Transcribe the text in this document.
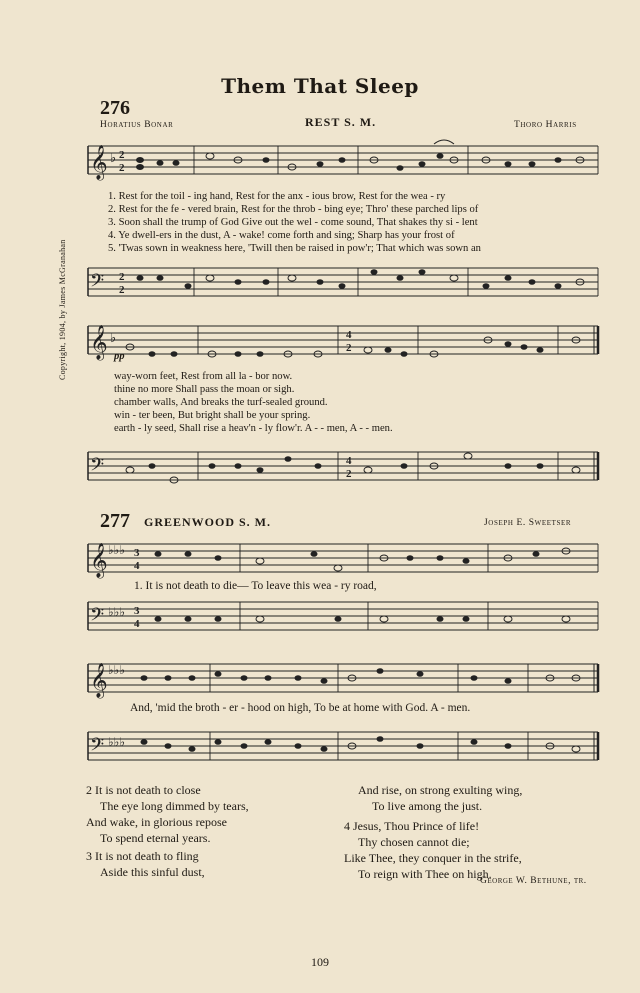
Them That Sleep
276
Horatius Bonar	REST S. M.	Thoro Harris
Copyright, 1904, by James McGranahan
𝄞 ♭ 2
2
1. Rest for the toil - ing hand, Rest for the anx - ious brow, Rest for the wea - ry
2. Rest for the fe - vered brain, Rest for the throb - bing eye; Thro' these parched lips of
3. Soon shall the trump of God Give out the wel - come sound, That shakes thy si - lent
4. Ye dwell-ers in the dust, A - wake! come forth and sing; Sharp has your frost of
5. 'Twas sown in weakness here, 'Twill then be raised in pow'r; That which was sown an
𝄢 2
2
𝄞 ♭	4
2
pp
way-worn feet, Rest from all la - bor now.
thine no more Shall pass the moan or sigh.
chamber walls, And breaks the turf-sealed ground.
win - ter been, But bright shall be your spring.
earth - ly seed, Shall rise a heav'n - ly flow'r. A - - men, A - - men.
𝄢	4
2
277 GREENWOOD S. M.	Joseph E. Sweetser
𝄞 ♭♭♭ 3
4
1. It is not death to die— To leave this wea - ry road,
𝄢 ♭♭♭ 3
4
𝄞 ♭♭♭
And, 'mid the broth - er - hood on high, To be at home with God. A - men.
𝄢 ♭♭♭
2 It is not death to close
The eye long dimmed by tears,
And wake, in glorious repose
To spend eternal years.
3 It is not death to fling
Aside this sinful dust,
And rise, on strong exulting wing,
To live among the just.
4 Jesus, Thou Prince of life!
Thy chosen cannot die;
Like Thee, they conquer in the strife,
To reign with Thee on high.
George W. Bethune, tr.
109
